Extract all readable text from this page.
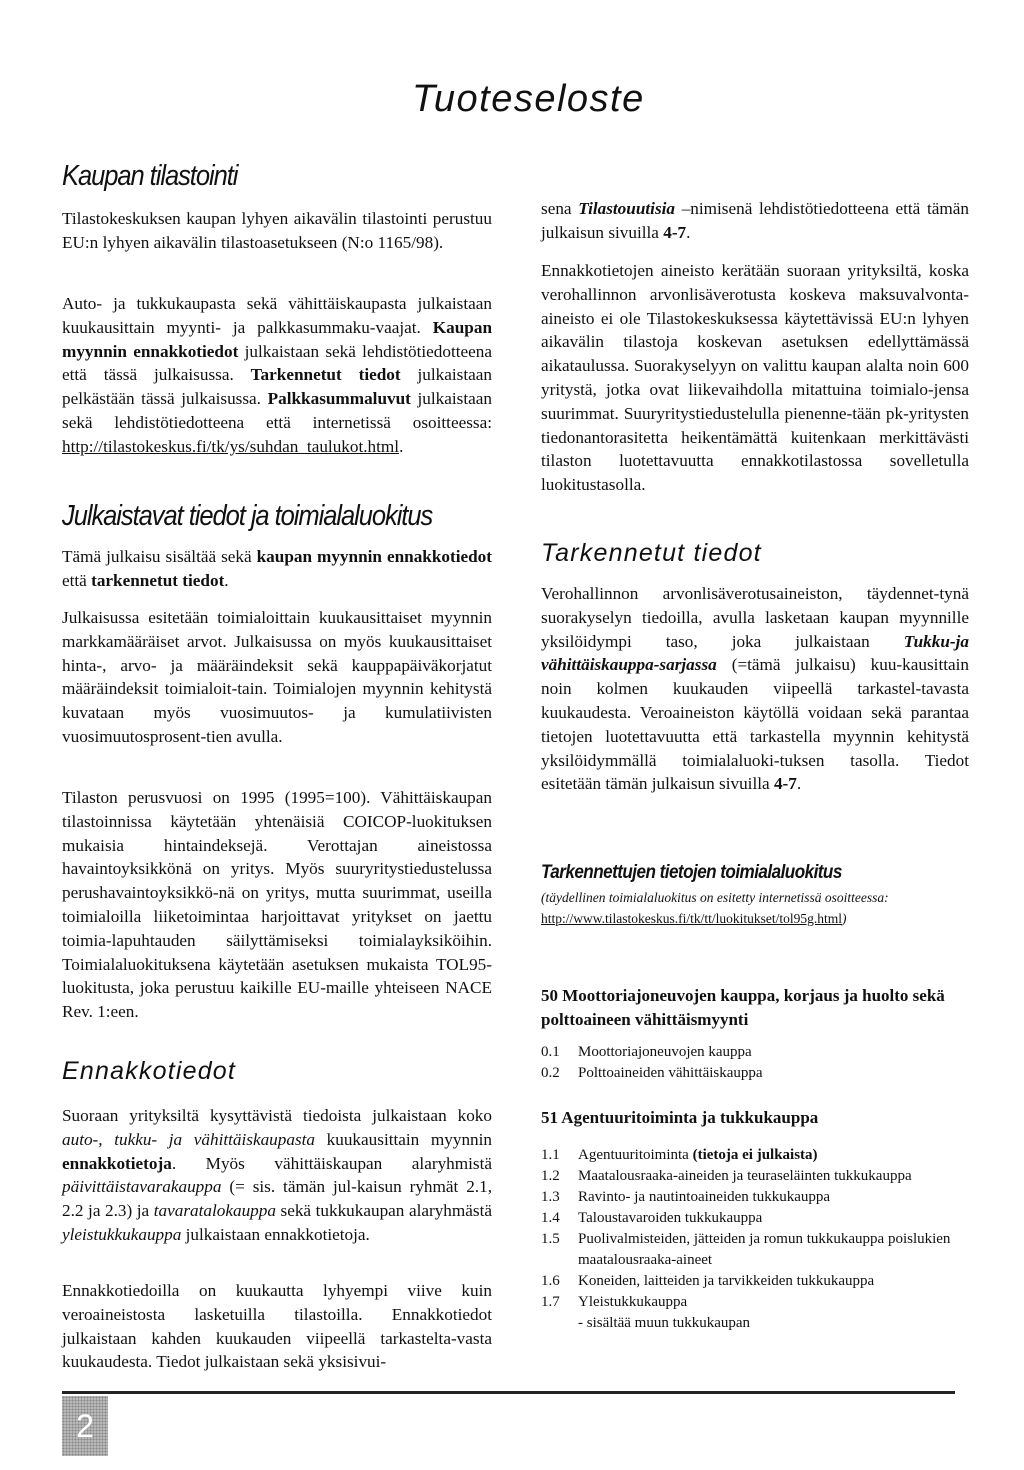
Tuoteseloste
Kaupan tilastointi

Tilastokeskuksen kaupan lyhyen aikavälin tilastointi perustuu EU:n lyhyen aikavälin tilastoasetukseen (N:o 1165/98).

Auto- ja tukkukaupasta sekä vähittäiskaupasta julkaistaan kuukausittain myynti- ja palkkasummaku-vaajat. Kaupan myynnin ennakkotiedot julkaistaan sekä lehdistötiedotteena että tässä julkaisussa. Tarkennetut tiedot julkaistaan pelkästään tässä julkaisussa. Palkkasummaluvut julkaistaan sekä lehdistötiedotteena että internetissä osoitteessa: http://tilastokeskus.fi/tk/ys/suhdan_taulukot.html.

Julkaistavat tiedot ja toimialaluokitus

Tämä julkaisu sisältää sekä kaupan myynnin ennakkotiedot että tarkennetut tiedot.

Julkaisussa esitetään toimialoittain kuukausittaiset myynnin markkamääräiset arvot. Julkaisussa on myös kuukausittaiset hinta-, arvo- ja määräindeksit sekä kauppapäiväkorjatut määräindeksit toimialoit-tain. Toimialojen myynnin kehitystä kuvataan myös vuosimuutos- ja kumulatiivisten vuosimuutosprosent-tien avulla.

Tilaston perusvuosi on 1995 (1995=100). Vähittäiskaupan tilastoinnissa käytetään yhtenäisiä COICOP-luokituksen mukaisia hintaindeksejä. Verottajan aineistossa havaintoyksikkönä on yritys. Myös suuryritystiedustelussa perushavaintoyksikkö-nä on yritys, mutta suurimmat, useilla toimialoilla liiketoimintaa harjoittavat yritykset on jaettu toimia-lapuhtauden säilyttämiseksi toimialayksiköihin. Toimialaluokituksena käytetään asetuksen mukaista TOL95-luokitusta, joka perustuu kaikille EU-maille yhteiseen NACE Rev. 1:een.

Ennakkotiedot

Suoraan yrityksiltä kysyttävistä tiedoista julkaistaan koko auto-, tukku- ja vähittäiskaupasta kuukausittain myynnin ennakkotietoja. Myös vähittäiskaupan alaryhmistä päivittäistavarakauppa (= sis. tämän jul-kaisun ryhmät 2.1, 2.2 ja 2.3) ja tavaratalokauppa sekä tukkukaupan alaryhmästä yleistukkukauppa julkaistaan ennakkotietoja.

Ennakkotiedoilla on kuukautta lyhyempi viive kuin veroaineistosta lasketuilla tilastoilla. Ennakkotiedot julkaistaan kahden kuukauden viipeellä tarkastelta-vasta kuukaudesta. Tiedot julkaistaan sekä yksisivui-

sena Tilastouutisia –nimisenä lehdistötiedotteena että tämän julkaisun sivuilla 4-7.

Ennakkotietojen aineisto kerätään suoraan yrityksiltä, koska verohallinnon arvonlisäverotusta koskeva maksuvalvonta-aineisto ei ole Tilastokeskuksessa käytettävissä EU:n lyhyen aikavälin tilastoja koskevan asetuksen edellyttämässä aikataulussa. Suorakyselyyn on valittu kaupan alalta noin 600 yritystä, jotka ovat liikevaihdolla mitattuina toimialo-jensa suurimmat. Suuryritystiedustelulla pienenne-tään pk-yritysten tiedonantorasitetta heikentämättä kuitenkaan merkittävästi tilaston luotettavuutta ennakkotilastossa sovelletulla luokitustasolla.

Tarkennetut tiedot

Verohallinnon arvonlisäverotusaineiston, täydennet-tynä suorakyselyn tiedoilla, avulla lasketaan kaupan myynnille yksilöidympi taso, joka julkaistaan Tukku-ja vähittäiskauppa-sarjassa (=tämä julkaisu) kuu-kausittain noin kolmen kuukauden viipeellä tarkastel-tavasta kuukaudesta. Veroaineiston käytöllä voidaan sekä parantaa tietojen luotettavuutta että tarkastella myynnin kehitystä yksilöidymmällä toimialaluoki-tuksen tasolla. Tiedot esitetään tämän julkaisun sivuilla 4-7.

Tarkennettujen tietojen toimialaluokitus
(täydellinen toimialaluokitus on esitetty internetissä osoitteessa:
http://www.tilastokeskus.fi/tk/tt/luokitukset/tol95g.html)
50 Moottoriajoneuvojen kauppa, korjaus ja huolto sekä polttoaineen vähittäismyynti
0.1	Moottoriajoneuvojen kauppa
0.2	Polttoaineiden vähittäiskauppa
51 Agentuuritoiminta ja tukkukauppa
1.1	Agentuuritoiminta (tietoja ei julkaista)
1.2	Maatalousraaka-aineiden ja teuraseläinten tukkukauppa
1.3	Ravinto- ja nautintoaineiden tukkukauppa
1.4	Taloustavaroiden tukkukauppa
1.5	Puolivalmisteiden, jätteiden ja romun tukkukauppa poislukien maatalousraaka-aineet
1.6	Koneiden, laitteiden ja tarvikkeiden tukkukauppa
1.7	Yleistukkukauppa
- sisältää muun tukkukaupan
2
